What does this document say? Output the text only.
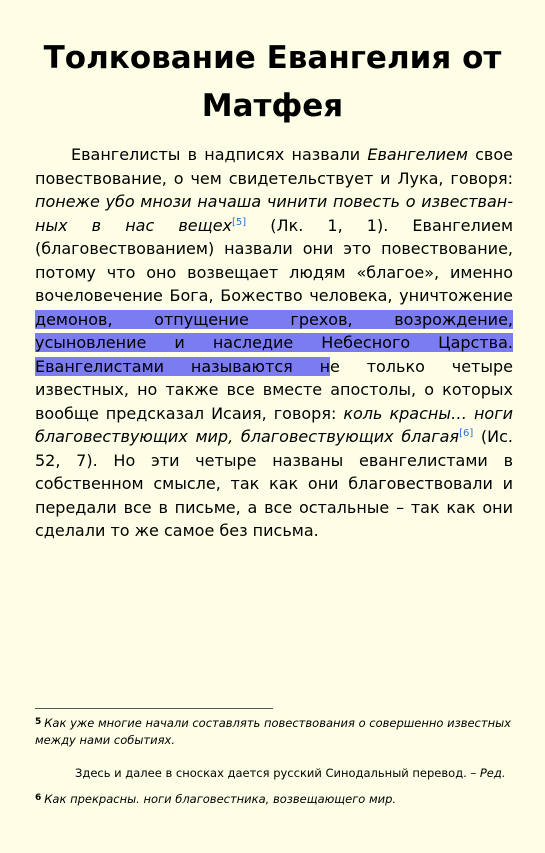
Толкование Евангелия от Матфея

Евангелисты в надписях назвали Евангелием свое повествование, о чем свидетельствует и Лука, говоря: понеже убо мнози начаша чинити повесть о известванных в нас вещех[5] (Лк. 1, 1). Евангелием (благовествованием) назвали они это повествование, потому что оно возвещает людям «благое», именно вочеловечение Бога, Божество человека, уничтожение демонов, отпущение грехов, возрождение, усыновление и наследие Небесного Царства. Евангелистами называются не только четыре известных, но также все вместе апостолы, о которых вообще предсказал Исаия, говоря: коль красны… ноги благовествующих мир, благовествующих благая[6] (Ис. 52, 7). Но эти четыре названы евангелистами в собственном смысле, так как они благовествовали и передали все в письме, а все остальные – так как они сделали то же самое без письма.

$^5$ Как уже многие начали составлять повествования о совершенно известных между нами событиях.

Здесь и далее в сносках дается русский Синодальный перевод. – Ред.

$^6$ Как прекрасны. ноги благовестника, возвещающего мир.
